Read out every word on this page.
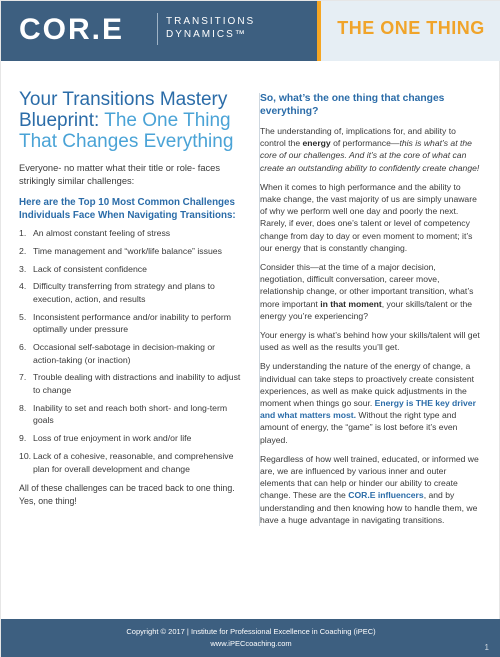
COR.E	TRANSITIONS
DYNAMICS™	THE ONE THING
Your Transitions Mastery Blueprint: The One Thing That Changes Everything

Everyone- no matter what their title or role- faces strikingly similar challenges:

Here are the Top 10 Most Common Challenges Individuals Face When Navigating Transitions:

1. An almost constant feeling of stress
2. Time management and “work/life balance” issues
3. Lack of consistent confidence
4. Difficulty transferring from strategy and plans to execution, action, and results
5. Inconsistent performance and/or inability to perform optimally under pressure
6. Occasional self-sabotage in decision-making or action-taking (or inaction)
7. Trouble dealing with distractions and inability to adjust to change
8. Inability to set and reach both short- and long-term goals
9. Loss of true enjoyment in work and/or life
10. Lack of a cohesive, reasonable, and comprehensive plan for overall development and change

All of these challenges can be traced back to one thing. Yes, one thing!

So, what’s the one thing that changes everything?

The understanding of, implications for, and ability to control the energy of performance—this is what’s at the core of our challenges. And it’s at the core of what can create an outstanding ability to confidently create change!

When it comes to high performance and the ability to make change, the vast majority of us are simply unaware of why we perform well one day and poorly the next. Rarely, if ever, does one’s talent or level of competency change from day to day or even moment to moment; it’s our energy that is constantly changing.

Consider this—at the time of a major decision, negotiation, difficult conversation, career move, relationship change, or other important transition, what’s more important in that moment, your skills/talent or the energy you’re experiencing?

Your energy is what’s behind how your skills/talent will get used as well as the results you’ll get.

By understanding the nature of the energy of change, a individual can take steps to proactively create consistent experiences, as well as make quick adjustments in the moment when things go sour. Energy is THE key driver and what matters most. Without the right type and amount of energy, the “game” is lost before it’s even played.

Regardless of how well trained, educated, or informed we are, we are influenced by various inner and outer elements that can help or hinder our ability to create change. These are the COR.E influencers, and by understanding and then knowing how to handle them, we have a huge advantage in navigating transitions.

Copyright © 2017 | Institute for Professional Excellence in Coaching (iPEC)
www.iPECcoaching.com	1
